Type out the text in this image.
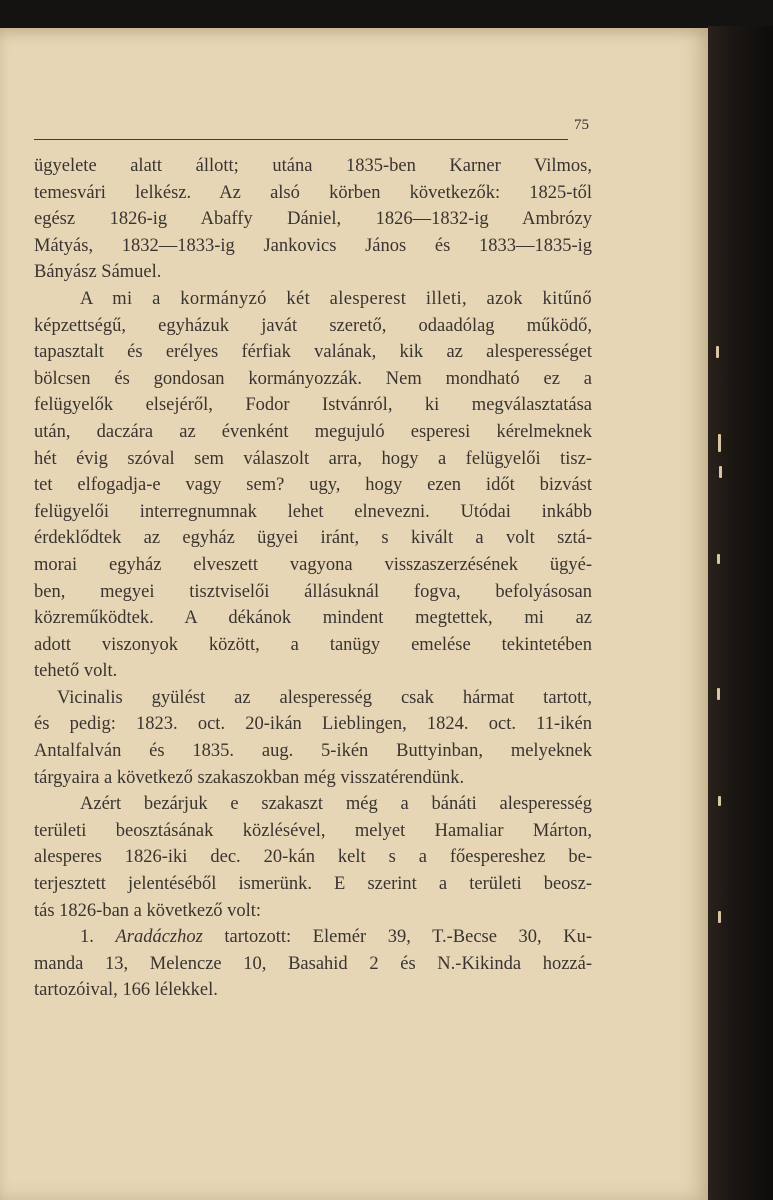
75

ügyelete alatt állott; utána 1835-ben Karner Vilmos,
temesvári lelkész. Az alsó körben következők: 1825-től
egész 1826-ig Abaffy Dániel, 1826—1832-ig Ambrózy
Mátyás, 1832—1833-ig Jankovics János és 1833—1835-ig
Bányász Sámuel.

A mi a kormányzó két alesperest illeti, azok kitűnő
képzettségű, egyházuk javát szerető, odaadólag működő,
tapasztalt és erélyes férfiak valának, kik az alesperességet
bölcsen és gondosan kormányozzák. Nem mondható ez a
felügyelők elsejéről, Fodor Istvánról, ki megválasztatása
után, daczára az évenként megujuló esperesi kérelmeknek
hét évig szóval sem válaszolt arra, hogy a felügyelői tisz-
tet elfogadja-e vagy sem? ugy, hogy ezen időt bizvást
felügyelői interregnumnak lehet elnevezni. Utódai inkább
érdeklődtek az egyház ügyei iránt, s kivált a volt sztá-
morai egyház elveszett vagyona visszaszerzésének ügyé-
ben, megyei tisztviselői állásuknál fogva, befolyásosan
közreműködtek. A dékánok mindent megtettek, mi az
adott viszonyok között, a tanügy emelése tekintetében
tehető volt.

Vicinalis gyülést az alesperesség csak hármat tartott,
és pedig: 1823. oct. 20-ikán Lieblingen, 1824. oct. 11-ikén
Antalfalván és 1835. aug. 5-ikén Buttyinban, melyeknek
tárgyaira a következő szakaszokban még visszatérendünk.

Azért bezárjuk e szakaszt még a bánáti alesperesség
területi beosztásának közlésével, melyet Hamaliar Márton,
alesperes 1826-iki dec. 20-kán kelt s a főespereshez be-
terjesztett jelentéséből ismerünk. E szerint a területi beosz-
tás 1826-ban a következő volt:

1. Aradáczhoz tartozott: Elemér 39, T.-Becse 30, Ku-
manda 13, Melencze 10, Basahid 2 és N.-Kikinda hozzá-
tartozóival, 166 lélekkel.
